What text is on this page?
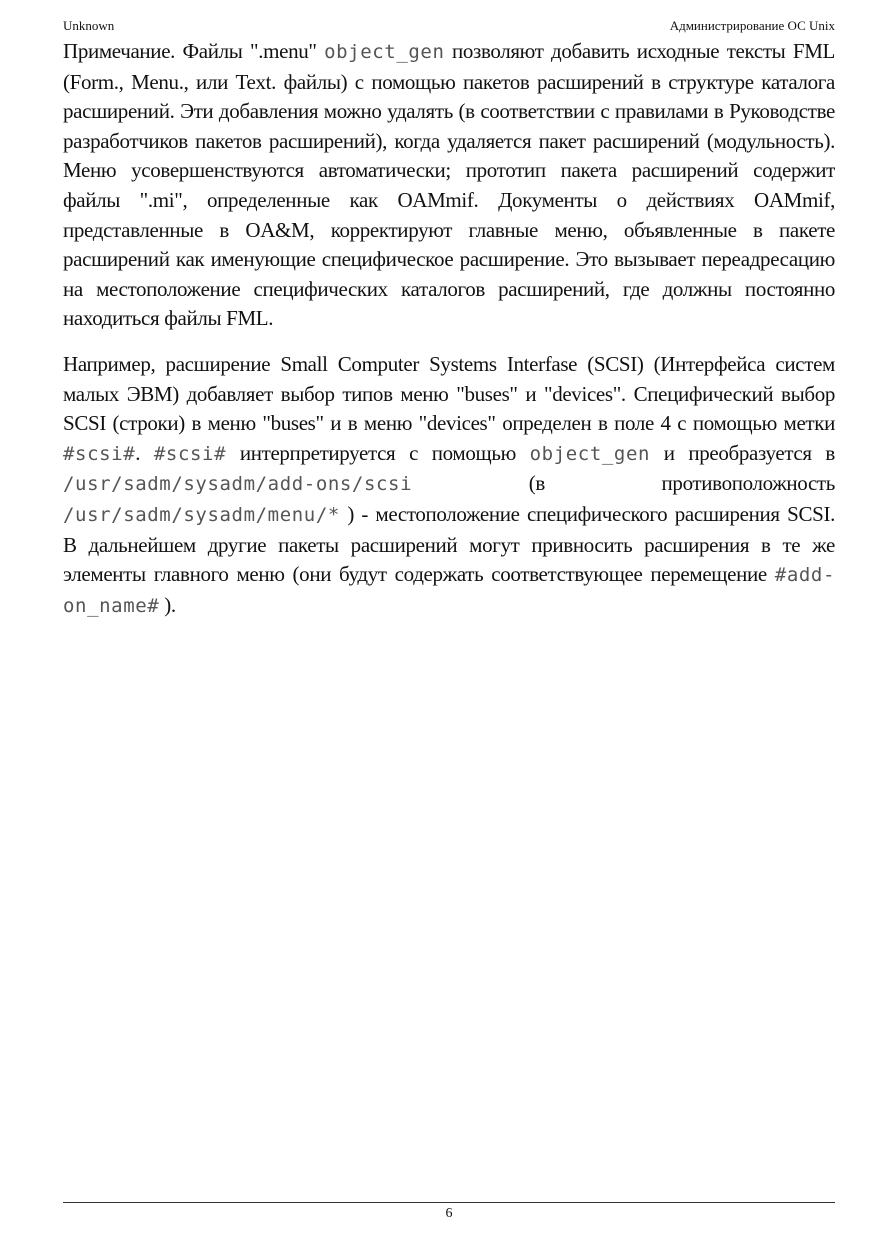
Unknown	Администрирование ОС Unix

Примечание. Файлы ".menu" object_gen позволяют добавить исходные тексты FML (Form., Menu., или Text. файлы) с помощью пакетов расширений в структуре каталога расширений. Эти добавления можно удалять (в соответствии с правилами в Руководстве разработчиков пакетов расширений), когда удаляется пакет расширений (модульность). Меню усовершенствуются автоматически; прототип пакета расширений содержит файлы ".mi", определенные как OAMmif. Документы о действиях OAMmif, представленные в OA&M, корректируют главные меню, объявленные в пакете расширений как именующие специфическое расширение. Это вызывает переадресацию на местоположение специфических каталогов расширений, где должны постоянно находиться файлы FML.

Например, расширение Small Computer Systems Interfase (SCSI) (Интерфейса систем малых ЭВМ) добавляет выбор типов меню "buses" и "devices". Специфический выбор SCSI (строки) в меню "buses" и в меню "devices" определен в поле 4 с помощью метки #scsi#. #scsi# интерпретируется с помощью object_gen и преобразуется в /usr/sadm/sysadm/add-ons/scsi (в противоположность /usr/sadm/sysadm/menu/* ) - местоположение специфического расширения SCSI. В дальнейшем другие пакеты расширений могут привносить расширения в те же элементы главного меню (они будут содержать соответствующее перемещение #add-on_name# ).

6
